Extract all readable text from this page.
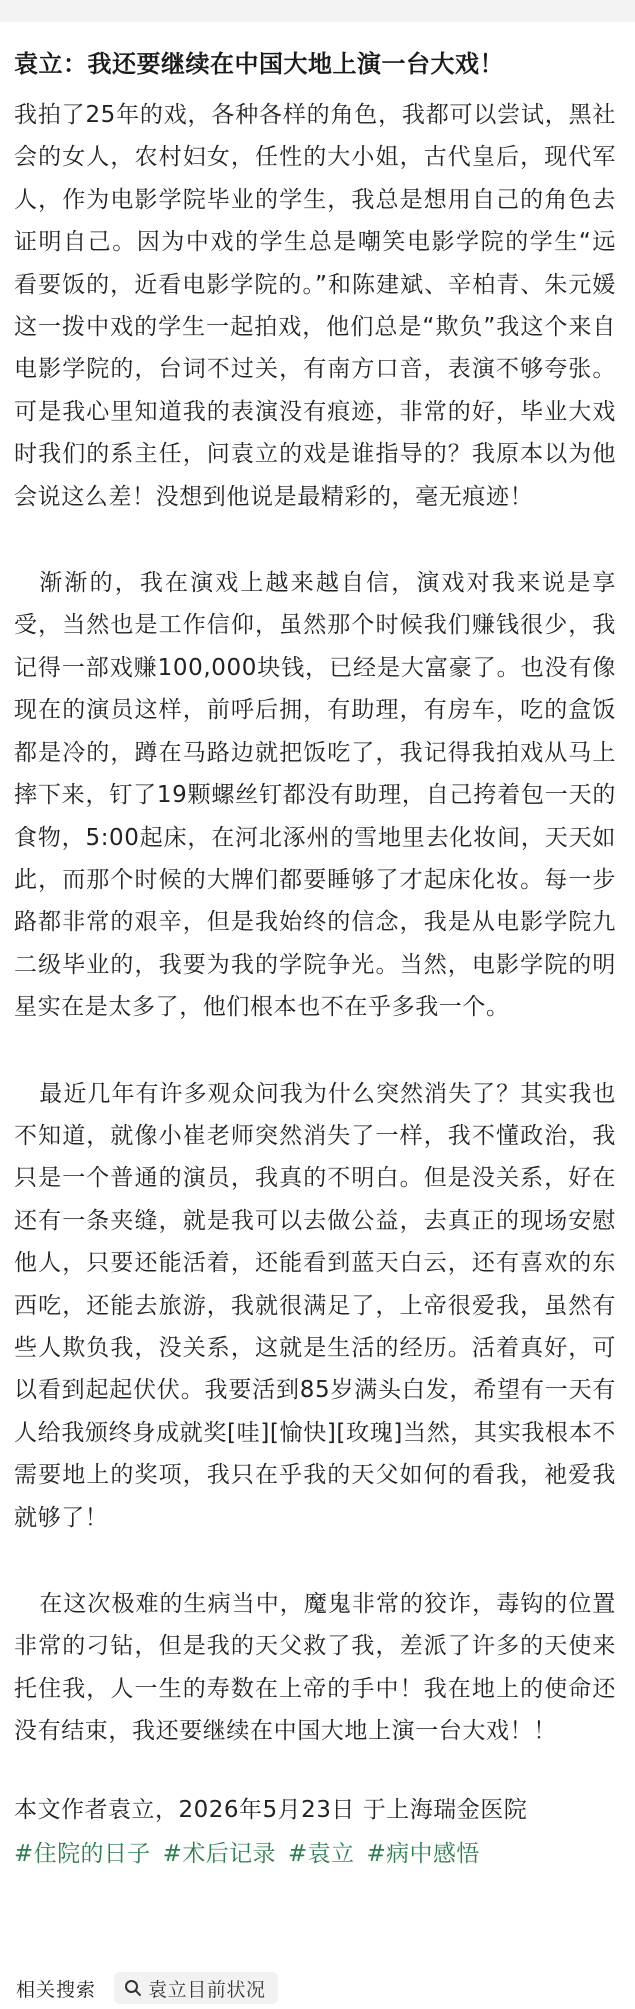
袁立：我还要继续在中国大地上演一台大戏！

我拍了25年的戏，各种各样的角色，我都可以尝试，黑社会的女人，农村妇女，任性的大小姐，古代皇后，现代军人，作为电影学院毕业的学生，我总是想用自己的角色去证明自己。因为中戏的学生总是嘲笑电影学院的学生“远看要饭的，近看电影学院的。”和陈建斌、辛柏青、朱元媛这一拨中戏的学生一起拍戏，他们总是“欺负”我这个来自电影学院的，台词不过关，有南方口音，表演不够夸张。可是我心里知道我的表演没有痕迹，非常的好，毕业大戏时我们的系主任，问袁立的戏是谁指导的？我原本以为他会说这么差！没想到他说是最精彩的，毫无痕迹！

渐渐的，我在演戏上越来越自信，演戏对我来说是享受，当然也是工作信仰，虽然那个时候我们赚钱很少，我记得一部戏赚100,000块钱，已经是大富豪了。也没有像现在的演员这样，前呼后拥，有助理，有房车，吃的盒饭都是冷的，蹲在马路边就把饭吃了，我记得我拍戏从马上摔下来，钉了19颗螺丝钉都没有助理，自己挎着包一天的食物，5:00起床，在河北涿州的雪地里去化妆间，天天如此，而那个时候的大牌们都要睡够了才起床化妆。每一步路都非常的艰辛，但是我始终的信念，我是从电影学院九二级毕业的，我要为我的学院争光。当然，电影学院的明星实在是太多了，他们根本也不在乎多我一个。

最近几年有许多观众问我为什么突然消失了？其实我也不知道，就像小崔老师突然消失了一样，我不懂政治，我只是一个普通的演员，我真的不明白。但是没关系，好在还有一条夹缝，就是我可以去做公益，去真正的现场安慰他人，只要还能活着，还能看到蓝天白云，还有喜欢的东西吃，还能去旅游，我就很满足了，上帝很爱我，虽然有些人欺负我，没关系，这就是生活的经历。活着真好，可以看到起起伏伏。我要活到85岁满头白发，希望有一天有人给我颁终身成就奖[哇][愉快][玫瑰]当然，其实我根本不需要地上的奖项，我只在乎我的天父如何的看我，祂爱我就够了！

在这次极难的生病当中，魔鬼非常的狡诈，毒钩的位置非常的刁钻，但是我的天父救了我，差派了许多的天使来托住我，人一生的寿数在上帝的手中！我在地上的使命还没有结束，我还要继续在中国大地上演一台大戏！！

本文作者袁立，2026年5月23日 于上海瑞金医院

#住院的日子 #术后记录 #袁立 #病中感悟
相关搜索	袁立目前状况
